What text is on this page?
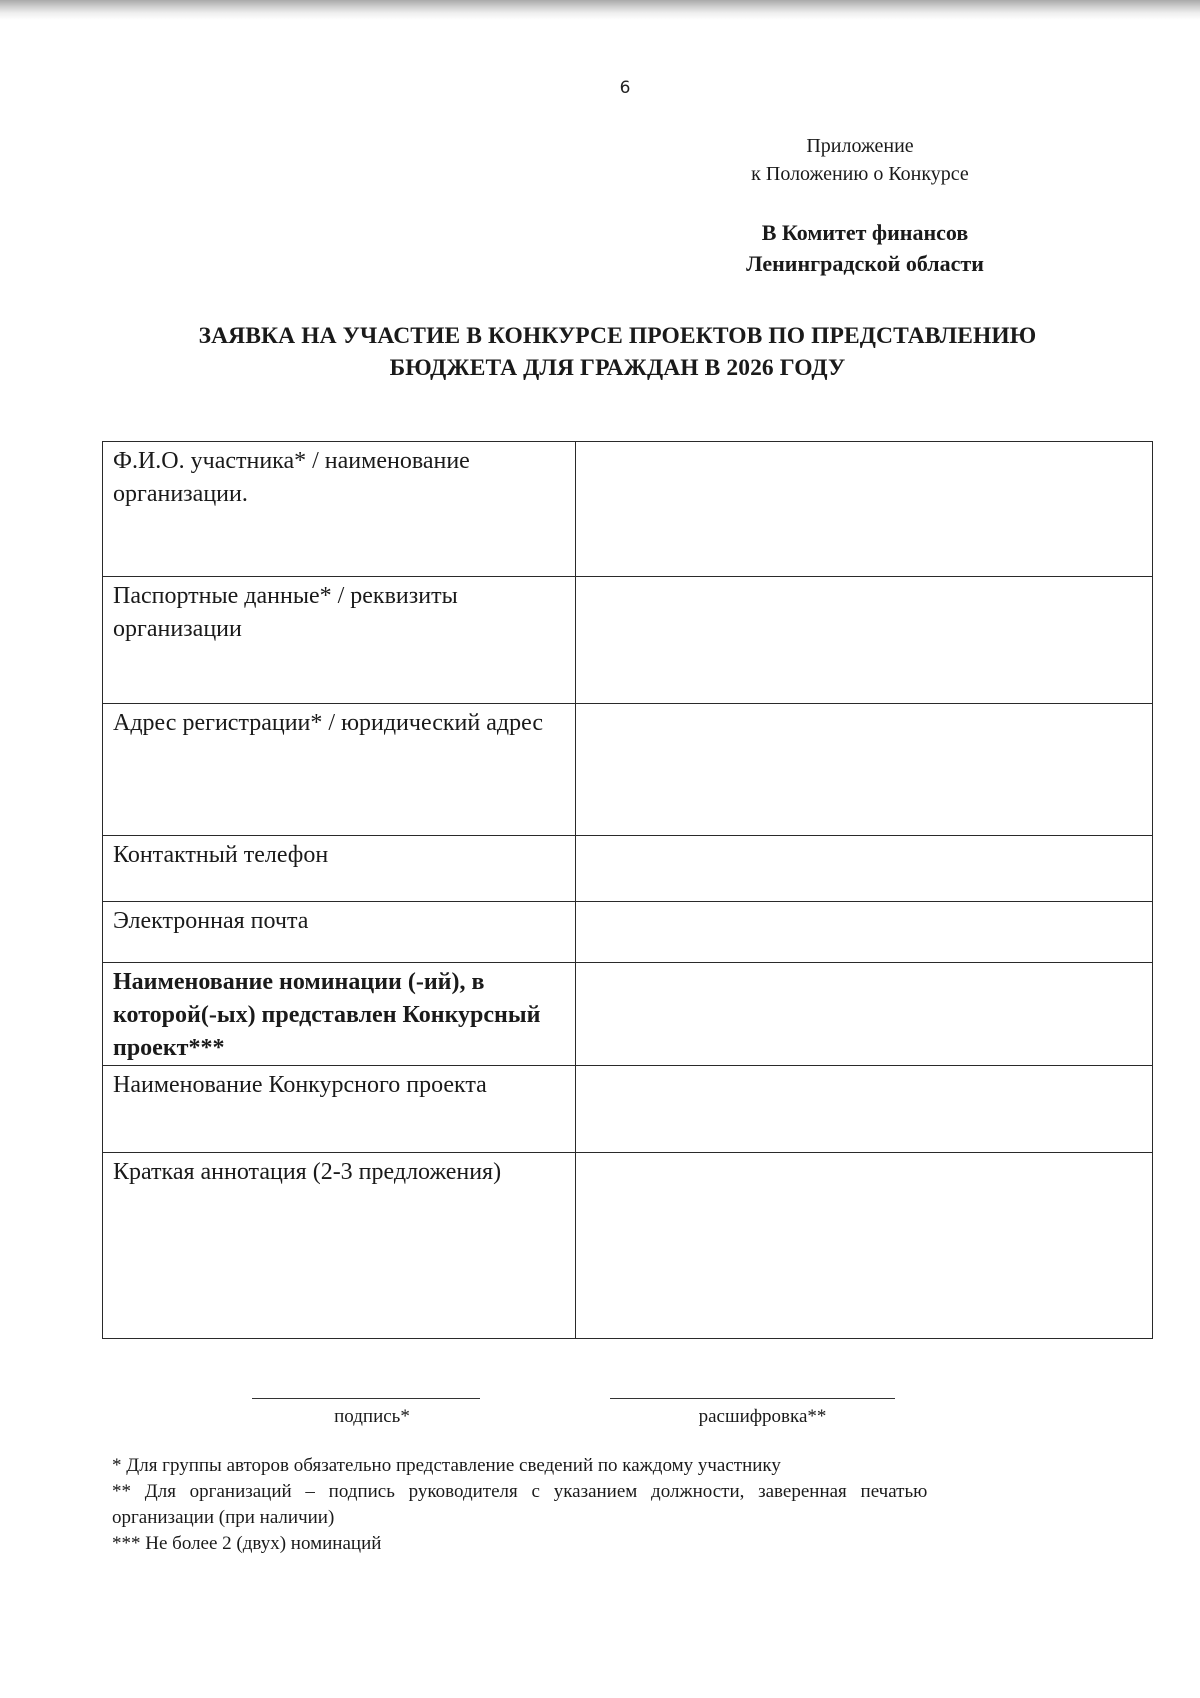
6
Приложение
к Положению о Конкурсе
В Комитет финансов
Ленинградской области
ЗАЯВКА НА УЧАСТИЕ В КОНКУРСЕ ПРОЕКТОВ ПО ПРЕДСТАВЛЕНИЮ
БЮДЖЕТА ДЛЯ ГРАЖДАН В 2026 ГОДУ
Ф.И.О. участника* / наименование организации.	
Паспортные данные* / реквизиты организации	
Адрес регистрации* / юридический адрес	
Контактный телефон	
Электронная почта	
Наименование номинации (-ий), в которой(-ых) представлен Конкурсный проект***	
Наименование Конкурсного проекта	
Краткая аннотация (2-3 предложения)	
подпись*	расшифровка**

* Для группы авторов обязательно представление сведений по каждому участнику

** Для организаций – подпись руководителя с указанием должности, заверенная печатью

организации (при наличии)

*** Не более 2 (двух) номинаций
